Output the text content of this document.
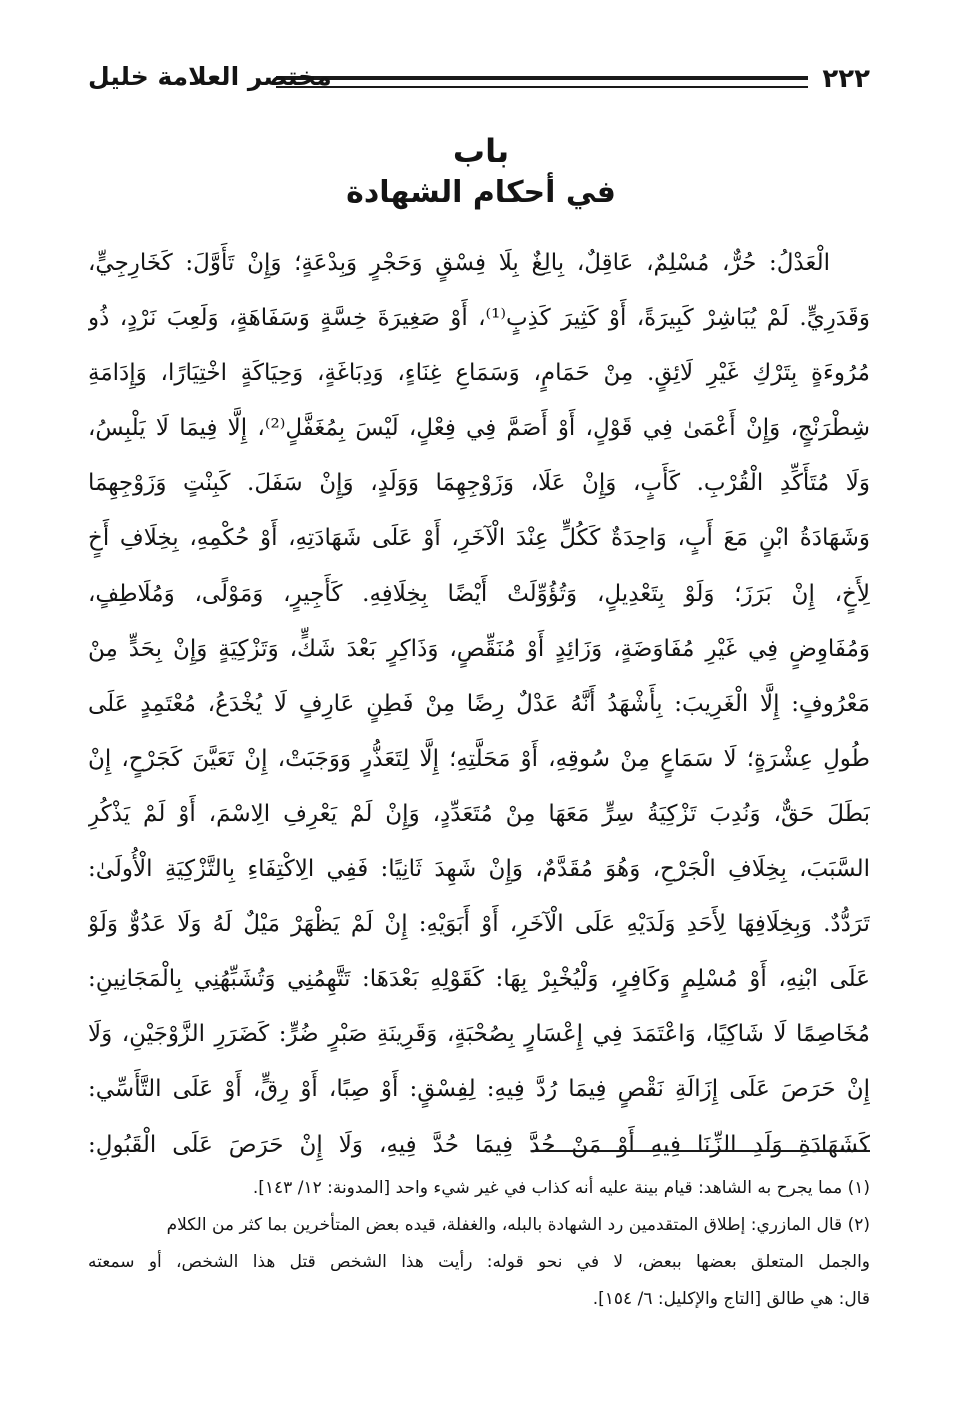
٢٢٢
مختصر العلامة خليل
باب
في أحكام الشهادة
الْعَدْلُ: حُرٌّ، مُسْلِمٌ، عَاقِلٌ، بِالِغٌ بِلَا فِسْقٍ وَحَجْرٍ وَبِدْعَةٍ؛ وَإِنْ تَأَوَّلَ: كَخَارِجِيٍّ،
وَقَدَرِيٍّ. لَمْ يُبَاشِرْ كَبِيرَةً، أَوْ كَثِيرَ كَذِبٍ⁽¹⁾، أَوْ صَغِيرَةَ خِسَّةٍ وَسَفَاهَةٍ، وَلَعِبَ نَرْدٍ، ذُو
مُرُوءَةٍ بِتَرْكِ غَيْرِ لَائِقٍ. مِنْ حَمَامٍ، وَسَمَاعِ غِنَاءٍ، وَدِبَاغَةٍ، وَحِيَاكَةٍ اخْتِيَارًا، وَإِدَامَةِ
شِطْرَنْجٍ، وَإِنْ أَعْمَىٰ فِي قَوْلٍ، أَوْ أَصَمَّ فِي فِعْلٍ، لَيْسَ بِمُغَفَّلٍ⁽²⁾، إِلَّا فِيمَا لَا يَلْبِسُ،
وَلَا مُتَأَكِّدِ الْقُرْبِ. كَأَبٍ، وَإِنْ عَلَا، وَزَوْجِهِمَا وَوَلَدٍ، وَإِنْ سَفَلَ. كَبِنْتٍ وَزَوْجِهِمَا
وَشَهَادَةُ ابْنٍ مَعَ أَبٍ، وَاحِدَةٌ كَكُلٍّ عِنْدَ الْآخَرِ، أَوْ عَلَى شَهَادَتِهِ، أَوْ حُكْمِهِ، بِخِلَافِ أَخٍ
لِأَخٍ، إِنْ بَرَزَ؛ وَلَوْ بِتَعْدِيلٍ، وَتُؤُوِّلَتْ أَيْضًا بِخِلَافِهِ. كَأَجِيرٍ، وَمَوْلًى، وَمُلَاطِفٍ،
وَمُفَاوِضٍ فِي غَيْرِ مُفَاوَضَةٍ، وَزَائِدٍ أَوْ مُنَقِّصٍ، وَذَاكِرٍ بَعْدَ شَكٍّ، وَتَزْكِيَةٍ وَإِنْ بِحَدٍّ مِنْ
مَعْرُوفٍ: إِلَّا الْغَرِيبَ: بِأَشْهَدُ أَنَّهُ عَدْلٌ رِضًا مِنْ فَطِنٍ عَارِفٍ لَا يُخْدَعُ، مُعْتَمِدٍ عَلَى
طُولِ عِشْرَةٍ؛ لَا سَمَاعٍ مِنْ سُوقِهِ، أَوْ مَحَلَّتِهِ؛ إِلَّا لِتَعَذُّرٍ وَوَجَبَتْ، إِنْ تَعَيَّنَ كَجَرْحٍ، إِنْ
بَطَلَ حَقٌّ، وَنُدِبَ تَزْكِيَةُ سِرٍّ مَعَهَا مِنْ مُتَعَدِّدٍ، وَإِنْ لَمْ يَعْرِفِ الِاسْمَ، أَوْ لَمْ يَذْكُرِ
السَّبَبَ، بِخِلَافِ الْجَرْحِ، وَهُوَ مُقَدَّمٌ، وَإِنْ شَهِدَ ثَانِيًا: فَفِي الِاكْتِفَاءِ بِالتَّزْكِيَةِ الْأُولَىٰ:
تَرَدُّدٌ. وَبِخِلَافِهَا لِأَحَدِ وَلَدَيْهِ عَلَى الْآخَرِ، أَوْ أَبَوَيْهِ: إِنْ لَمْ يَظْهَرْ مَيْلٌ لَهُ وَلَا عَدُوٌّ وَلَوْ
عَلَى ابْنِهِ، أَوْ مُسْلِمٍ وَكَافِرٍ، وَلْيُخْبِرْ بِهَا: كَقَوْلِهِ بَعْدَهَا: تَتَّهِمُنِي وَتُشَبِّهُنِي بِالْمَجَانِينِ:
مُخَاصِمًا لَا شَاكِيًا، وَاعْتَمَدَ فِي إِعْسَارٍ بِصُحْبَةٍ، وَقَرِينَةِ صَبْرٍ ضُرٍّ: كَضَرَرِ الزَّوْجَيْنِ، وَلَا
إِنْ حَرَصَ عَلَى إِزَالَةِ نَقْصٍ فِيمَا رُدَّ فِيهِ: لِفِسْقٍ: أَوْ صِبًا، أَوْ رِقٍّ، أَوْ عَلَى التَّأَسِّي:
كَشَهَادَةِ وَلَدِ الزِّنَا فِيهِ أَوْ مَنْ حُدَّ فِيمَا حُدَّ فِيهِ، وَلَا إِنْ حَرَصَ عَلَى الْقَبُولِ:
(١) مما يجرح به الشاهد: قيام بينة عليه أنه كذاب في غير شيء واحد [المدونة: ١٢/ ١٤٣].
(٢) قال المازري: إطلاق المتقدمين رد الشهادة بالبله، والغفلة، قيده بعض المتأخرين بما كثر من الكلام
والجمل المتعلق بعضها ببعض، لا في نحو قوله: رأيت هذا الشخص قتل هذا الشخص، أو سمعته
قال: هي طالق [التاج والإكليل: ٦/ ١٥٤].
